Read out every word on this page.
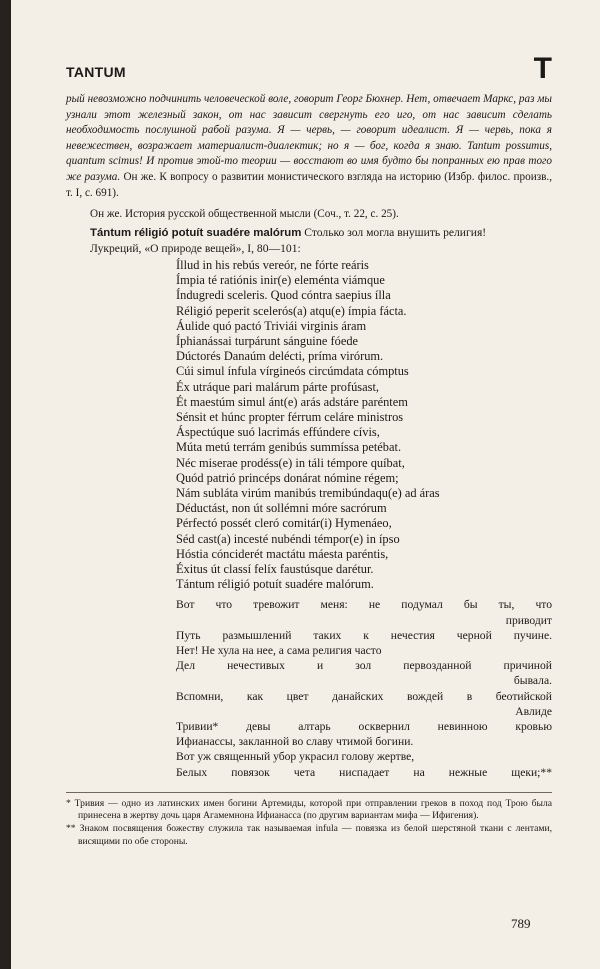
TANTUM	T

рый невозможно подчинить человеческой воле, говорит Георг Бюхнер. Нет, отвечает Маркс, раз мы узнали этот железный закон, от нас зависит свергнуть его иго, от нас зависит сделать необходимость послушной рабой разума. Я — червь, — говорит идеалист. Я — червь, пока я невежествен, возражает материалист-диалектик; но я — бог, когда я знаю. Tantum possumus, quantum scimus! И против этой-то теории — восстают во имя будто бы попранных ею прав того же разума. Он же. К вопросу о развитии монистического взгляда на историю (Избр. филос. произв., т. I, с. 691).

Он же. История русской общественной мысли (Соч., т. 22, с. 25).

Tántum réligió potuít suadére malórum Столько зол могла внушить религия!

Лукреций, «О природе вещей», I, 80—101:

Íllud in his rebús vereór, ne fórte reáris
Ímpia té ratiónis inir(e) eleménta viámque
Índugredi sceleris. Quod cóntra saepius ílla
Réligió peperit scelerós(a) atqu(e) ímpia fácta.
Áulide quó pactó Triviái virginis áram
Íphianássai turpárunt sánguine fóede
Dúctorés Danaúm delécti, príma virórum.
Cúi simul ínfula vírgineós circúmdata cómptus
Éx utráque pari malárum párte profúsast,
Ét maestúm simul ánt(e) arás adstáre paréntem
Sénsit et húnc propter férrum celáre ministros
Áspectúque suó lacrimás effúndere cívis,
Múta metú terrám genibús summíssa petébat.
Néc miserae prodéss(e) in táli témpore quíbat,
Quód patrió princéps donárat nómine régem;
Nám subláta virúm manibús tremibúndaqu(e) ad áras
Déductást, non út sollémni móre sacrórum
Pérfectó possét cleró comitár(i) Hymenáeo,
Séd cast(a) incesté nubéndi témpor(e) in ípso
Hóstia cónciderét mactátu máesta paréntis,
Éxitus út classí felíx faustúsque darétur.
Tántum réligió potuít suadére malórum.
Вот что тревожит меня: не подумал бы ты, что
приводит
Путь размышлений таких к нечестия черной пучине.
Нет! Не хула на нее, а сама религия часто
Дел нечестивых и зол первозданной причиной
бывала.
Вспомни, как цвет данайских вождей в беотийской
Авлиде
Тривии* девы алтарь осквернил невинною кровью
Ифианассы, закланной во славу чтимой богини.
Вот уж священный убор украсил голову жертве,
Белых повязок чета ниспадает на нежные щеки;**

* Тривия — одно из латинских имен богини Артемиды, которой при отправлении греков в поход под Трою была принесена в жертву дочь царя Агамемнона Ифианасса (по другим вариантам мифа — Ифигения).

** Знаком посвящения божеству служила так называемая infula — повязка из белой шерстяной ткани с лентами, висящими по обе стороны.

789
